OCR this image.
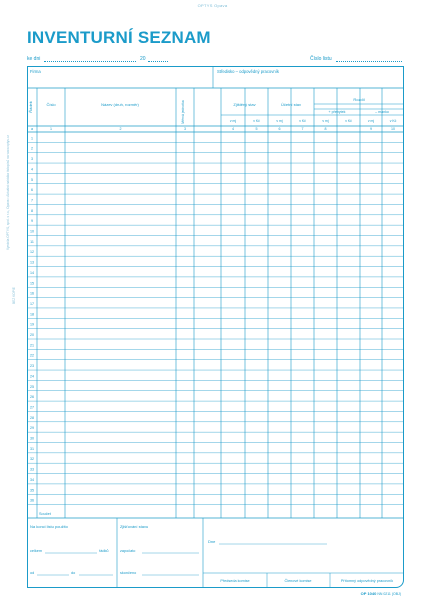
OPTYS Opava
INVENTURNÍ SEZNAM
ke dni	20	Číslo listu
Vyrobila OPTYS, spol. s r.o., Opava • Aktuální nabídka tiskopisů na www.optys.cz
BEZ KOPIE
Firma	Středisko – odpovědný pracovník
Řádek	Číslo	Název (druh, rozměr)	Měrná jednotka	Zjištěný stav	Účetní stav
Rozdíl
+ přebytek	– manko
v mj	v Kč	v mj	v Kč	v mj	v Kč	v mj	v Kč
a	1	2	3	4	5	6	7	8	9	10
1
2
3
4
5
6
7
8
9
10
11
12
13
14
15
16
17
18
19
20
21
22
23
24
25
26
27
28
29
30
31
32
33
34
35
36
Součet
Na konci listu použito
celkem	řádků
od	do
Zjišťování stavu
započato
skončeno
Dne
Předseda komise	Členové komise	Přítomný odpovědný pracovník
OP 1040 NN 0211 (OBJ)
